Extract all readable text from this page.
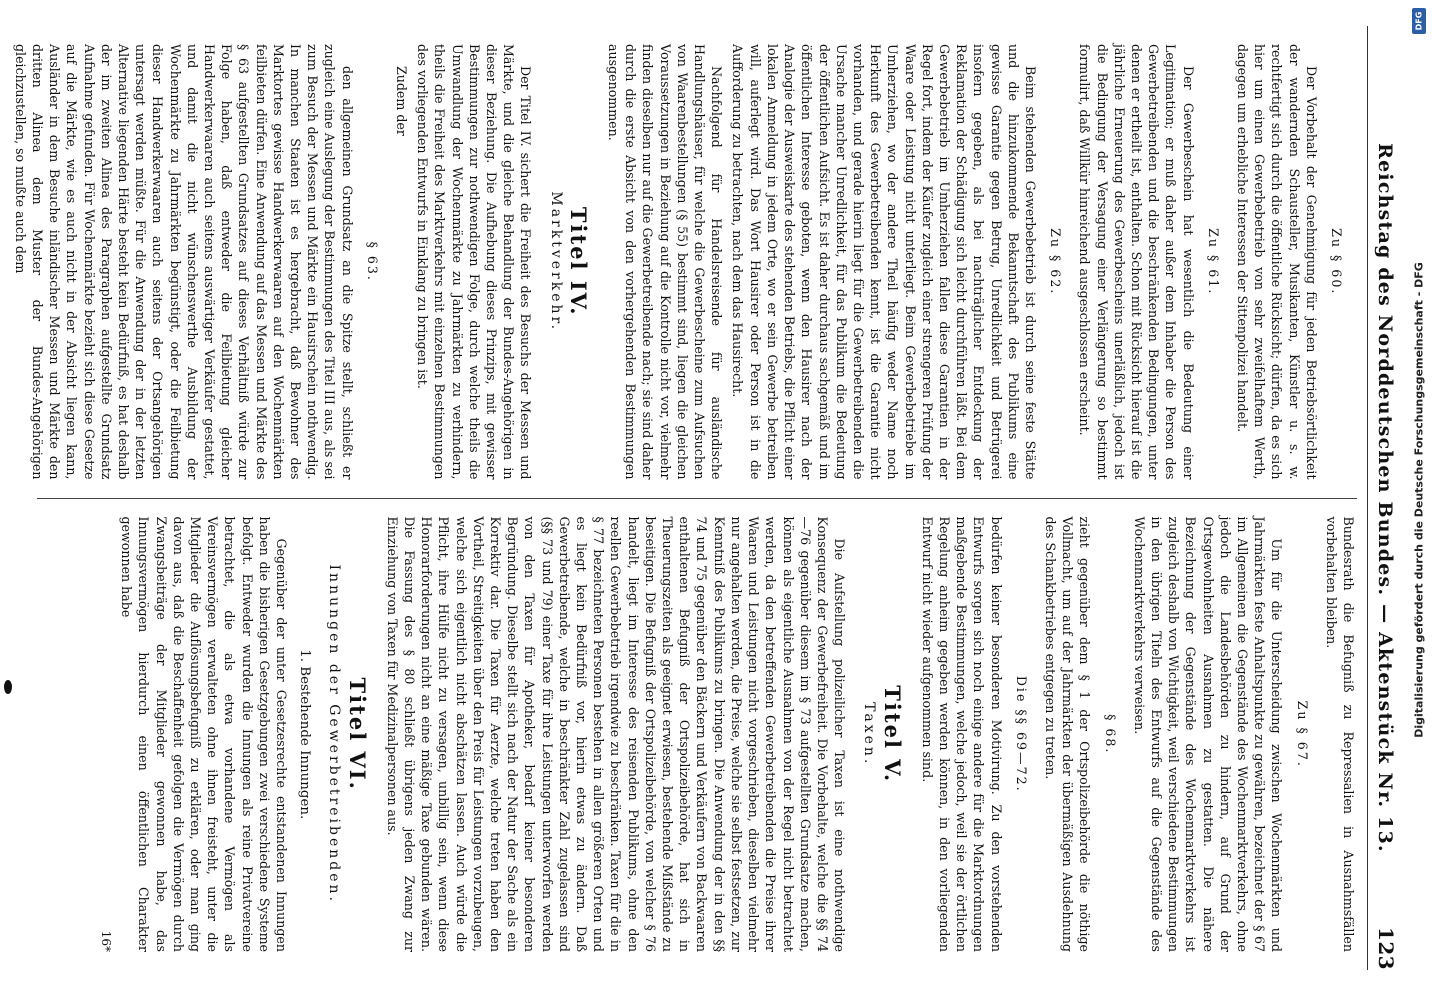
Reichstag des Norddeutschen Bundes. — Aktenstück Nr. 13.
123
Zu § 60.

Der Vorbehalt der Genehmigung für jeden Betriebsörtlichkeit der wandernden Schausteller, Musikanten, Künstler u. s. w. rechtfertigt sich durch die öffentliche Rücksicht; dürfen, da es sich hier um einen Gewerbebetrieb von sehr zweifelhaftem Werth, dagegen um erhebliche Interessen der Sittenpolizei handelt.

Zu § 61.

Der Gewerbeschein hat wesentlich die Bedeutung einer Legitimation; er muß daher außer dem Inhaber die Person des Gewerbetreibenden und die beschränkenden Bedingungen, unter denen er ertheilt ist, enthalten. Schon mit Rücksicht hierauf ist die jährliche Erneuerung des Gewerbescheins unerläßlich, jedoch ist die Bedingung der Versagung einer Verlängerung so bestimmt formulirt, daß Willkür hinreichend ausgeschlossen erscheint.

Zu § 62.

Beim stehenden Gewerbebetrieb ist durch seine feste Stätte und die hinzukommende Bekanntschaft des Publikums eine gewisse Garantie gegen Betrug, Unredlichkeit und Betrügerei insofern gegeben, als bei nachträglicher Entdeckung der Reklamation der Schädigung sich leicht durchführen läßt. Bei dem Gewerbebetrieb im Umherziehen fallen diese Garantien in der Regel fort, indem der Käufer zugleich einer strengeren Prüfung der Waare oder Leistung nicht unterliegt. Beim Gewerbebetriebe im Umherziehen, wo der andere Theil häufig weder Name noch Herkunft des Gewerbetreibenden kennt, ist die Garantie nicht vorhanden, und gerade hierin liegt für die Gewerbetreibenden die Ursache mancher Unredlichkeit, für das Publikum die Bedeutung der öffentlichen Aufsicht. Es ist daher durchaus sachgemäß und im öffentlichen Interesse geboten, wenn den Hausirer nach der Analogie der Ausweiskarte des stehenden Betriebs, die Pflicht einer lokalen Anmeldung in jedem Orte, wo er sein Gewerbe betreiben will, auferlegt wird. Das Wort Hausirer oder Person ist in die Aufforderung zu betrachten, nach dem das Hausirecht.

Nachfolgend für Handelsreisende für ausländische Handlungshäuser, für welche die Gewerbescheine zum Aufsuchen von Waarenbestellungen (§ 55) bestimmt sind, liegen die gleichen Voraussetzungen in Beziehung auf die Kontrolle nicht vor, vielmehr finden dieselben nur auf die Gewerbetreibende nach; sie sind daher durch die erste Absicht von den vorhergehenden Bestimmungen ausgenommen.

Titel IV.
Marktverkehr.

Der Titel IV. sichert die Freiheit des Besuchs der Messen und Märkte, und die gleiche Behandlung der Bundes-Angehörigen in dieser Beziehung. Die Aufhebung dieses Prinzips, mit gewisser Bestimmungen zur nothwendigen Folge, durch welche theils die Umwandlung der Wochenmärkte zu Jahrmärkten zu verhindern, theils die Freiheit des Marktverkehrs mit einzelnen Bestimmungen des vorliegenden Entwurfs in Einklang zu bringen ist.

Zudem der

§ 63.

den allgemeinen Grundsatz an die Spitze stellt, schließt er zugleich eine Auslegung der Bestimmungen des Titel III aus, als sei zum Besuch der Messen und Märkte ein Hausirschein nothwendig. In manchen Staaten ist es hergebracht, daß Bewohner des Marktortes gewisse Handwerkerwaaren auf den Wochenmärkten feilbieten dürfen. Eine Anwendung auf das Messen und Märkte des § 63 aufgestellten Grundsatzes auf dieses Verhältniß würde zur Folge haben, daß entweder die Feilbietung gleicher Handwerkerwaaren auch seitens auswärtiger Verkäufer gestattet, und damit die nicht wünschenswerthe Ausbildung der Wochenmärkte zu Jahrmärkten begünstigt, oder die Feilbietung dieser Handwerkerwaaren auch seitens der Ortsangehörigen untersagt werden müßte. Für die Anwendung der in der letzten Alternative liegenden Härte besteht kein Bedürfniß, es hat deshalb der im zweiten Alinea des Paragraphen aufgestellte Grundsatz Aufnahme gefunden. Für Wochenmärkte bezieht sich diese Gesetze auf die Märkte, wie es auch nicht in der Absicht liegen kann, Ausländer in dem Besuche inländischer Messen und Märkte den dritten Alinea dem Muster der Bundes-Angehörigen gleichzustellen, so mußte auch dem

Bundesrath die Befugniß zu Repressalien in Ausnahmsfällen vorbehalten bleiben.

Zu § 67.

Um für die Unterscheidung zwischen Wochenmärkten und Jahrmärkten feste Anhaltspunkte zu gewähren, bezeichnet der § 67 im Allgemeinen die Gegenstände des Wochenmarktverkehrs, ohne jedoch die Landesbehörden zu hindern, auf Grund der Ortsgewohnheiten Ausnahmen zu gestatten. Die nähere Bezeichnung der Gegenstände des Wochenmarktverkehrs ist zugleich deshalb von Wichtigkeit, weil verschiedene Bestimmungen in den übrigen Titeln des Entwurfs auf die Gegenstände des Wochenmarktverkehrs verweisen.

§ 68.

zieht gegenüber dem § 1 der Ortspolizeibehörde die nöthige Vollmacht, um auf der Jahrmärkten der übermäßigen Ausdehnung des Schankbetriebes entgegen zu treten.

Die §§ 69—72.

bedürfen keiner besonderen Motivirung. Zu den vorstehenden Entwurfs sorgen sich noch einige andere für die Marktordnungen maßgebende Bestimmungen, welche jedoch, weil sie der örtlichen Regelung anheim gegeben werden können, in den vorliegenden Entwurf nicht wieder aufgenommen sind.

Titel V.
Taxen.

Die Aufstellung polizeilicher Taxen ist eine nothwendige Konsequenz der Gewerbefreiheit. Die Vorbehalte, welche die §§ 74—76 gegenüber diesem im § 73 aufgestellten Grundsatze machen, können als eigentliche Ausnahmen von der Regel nicht betrachtet werden, da den betreffenden Gewerbetreibenden die Preise ihrer Waaren und Leistungen nicht vorgeschrieben, dieselben vielmehr nur angehalten werden, die Preise, welche sie selbst festsetzen, zur Kenntniß des Publikums zu bringen. Die Anwendung der in den §§ 74 und 75 gegenüber den Bäckern und Verkäufern von Backwaaren enthaltenen Befugniß der Ortspolizeibehörde, hat sich in Theuerungszeiten als geeignet erwiesen, bestehende Mißstände zu beseitigen. Die Befugniß der Ortspolizeibehörde, von welcher § 76 handelt, liegt im Interesse des reisenden Publikums, ohne den reellen Gewerbebetrieb irgendwie zu beschränken. Taxen für die in § 77 bezeichneten Personen bestehen in allen größeren Orten und es liegt kein Bedürfniß vor, hierin etwas zu ändern. Daß Gewerbetreibende, welche in beschränkter Zahl zugelassen sind (§§ 73 und 79) einer Taxe für ihre Leistungen unterworfen werden von den Taxen für Apotheker, bedarf keiner besonderen Begründung. Dieselbe stellt sich nach der Natur der Sache als ein Korrektiv dar. Die Taxen für Aerzte, welche treten haben den Vortheil, Streitigkeiten über den Preis für Leistungen vorzubeugen, welche sich eigentlich nicht abschätzen lassen. Auch würde die Pflicht, ihre Hülfe nicht zu versagen, unbillig sein, wenn diese Honorarforderungen nicht an eine mäßige Taxe gebunden wären. Die Fassung des § 80 schließt übrigens jeden Zwang zur Einziehung von Taxen für Medizinalpersonen aus.

Titel VI.
Innungen der Gewerbetreibenden.
1. Bestehende Innungen.

Gegenüber der unter Gesetzesrechte entstandenen Innungen haben die bisherigen Gesetzgebungen zwei verschiedene Systeme befolgt. Entweder wurden die Innungen als reine Privatvereine betrachtet, die als etwa vorhandene Vermögen als Vereinsvermögen verwalteten ohne ihnen freisteht, unter die Mitglieder die Auflösungsbefugniß zu erklären, oder man ging davon aus, daß die Beschaffenheit gefolgen die Vermögen durch Zwangsbeiträge der Mitglieder gewonnen habe, das Innungsvermögen hierdurch einen öffentlichen Charakter gewonnen habe

16*
Digitalisierung gefördert durch die Deutsche Forschungsgemeinschaft - DFG
DFG
